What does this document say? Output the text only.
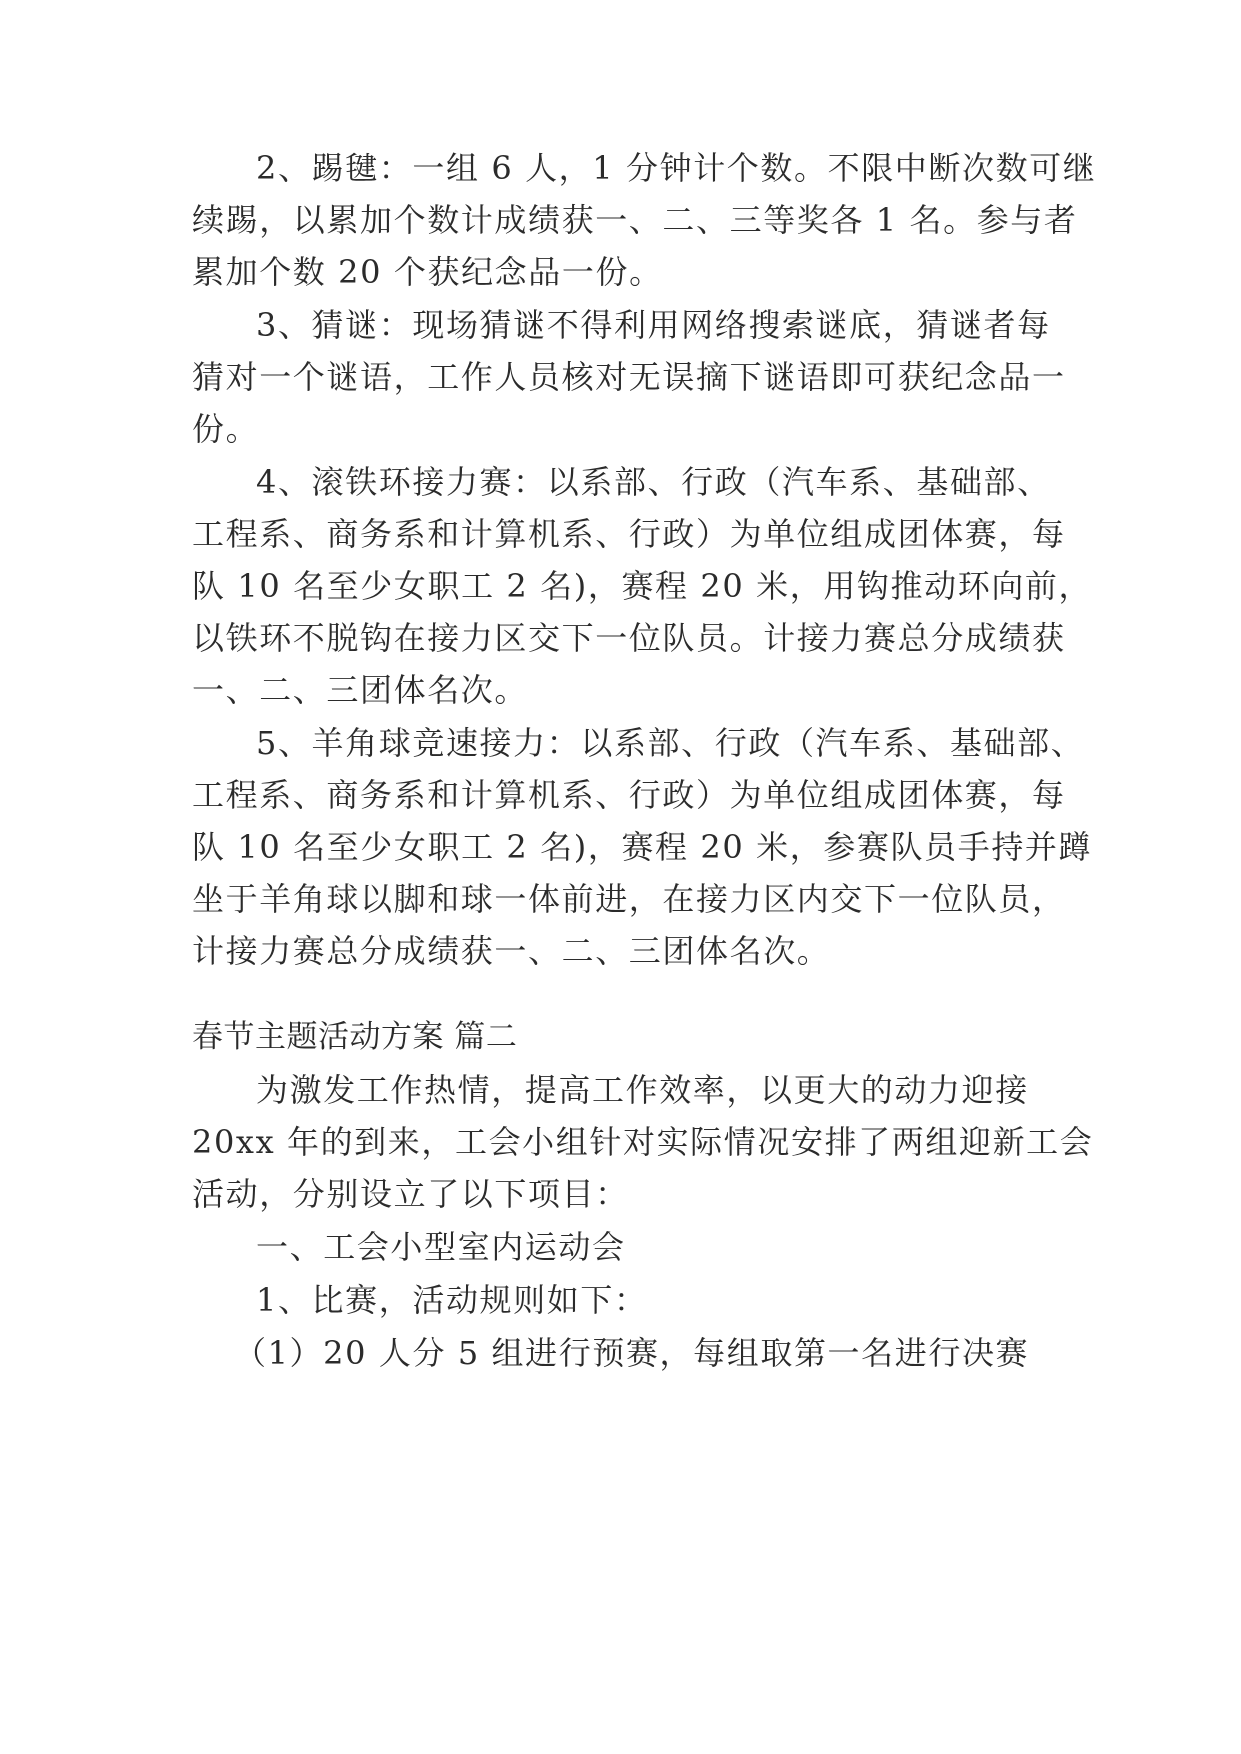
2、踢毽：一组 6 人，1 分钟计个数。不限中断次数可继
续踢，以累加个数计成绩获一、二、三等奖各 1 名。参与者
累加个数 20 个获纪念品一份。
3、猜谜：现场猜谜不得利用网络搜索谜底，猜谜者每
猜对一个谜语，工作人员核对无误摘下谜语即可获纪念品一
份。
4、滚铁环接力赛：以系部、行政（汽车系、基础部、
工程系、商务系和计算机系、行政）为单位组成团体赛，每
队 10 名至少女职工 2 名)，赛程 20 米，用钩推动环向前，
以铁环不脱钩在接力区交下一位队员。计接力赛总分成绩获
一、二、三团体名次。
5、羊角球竞速接力：以系部、行政（汽车系、基础部、
工程系、商务系和计算机系、行政）为单位组成团体赛，每
队 10 名至少女职工 2 名)，赛程 20 米，参赛队员手持并蹲
坐于羊角球以脚和球一体前进，在接力区内交下一位队员，
计接力赛总分成绩获一、二、三团体名次。
春节主题活动方案 篇二
为激发工作热情，提高工作效率，以更大的动力迎接
20xx 年的到来，工会小组针对实际情况安排了两组迎新工会
活动，分别设立了以下项目：
一、工会小型室内运动会
1、比赛，活动规则如下：
（1）20 人分 5 组进行预赛，每组取第一名进行决赛
